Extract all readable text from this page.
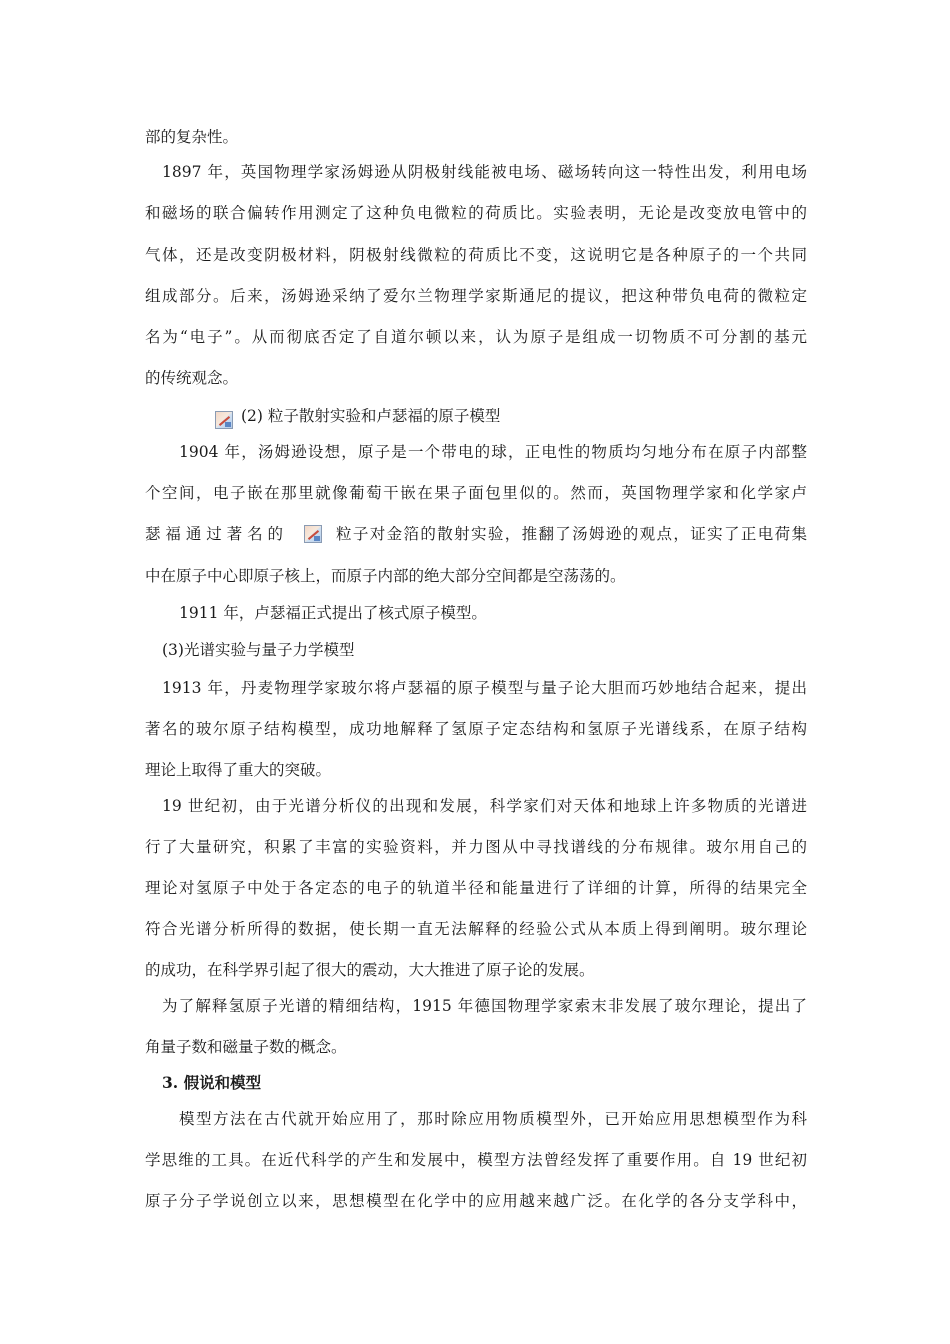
部的复杂性。
1897 年，英国物理学家汤姆逊从阴极射线能被电场、磁场转向这一特性出发，利用电场
和磁场的联合偏转作用测定了这种负电微粒的荷质比。实验表明，无论是改变放电管中的
气体，还是改变阴极材料，阴极射线微粒的荷质比不变，这说明它是各种原子的一个共同
组成部分。后来，汤姆逊采纳了爱尔兰物理学家斯通尼的提议，把这种带负电荷的微粒定
名为“电子”。从而彻底否定了自道尔顿以来，认为原子是组成一切物质不可分割的基元
的传统观念。
(2) 粒子散射实验和卢瑟福的原子模型
1904 年，汤姆逊设想，原子是一个带电的球，正电性的物质均匀地分布在原子内部整
个空间，电子嵌在那里就像葡萄干嵌在果子面包里似的。然而，英国物理学家和化学家卢
瑟 福 通 过 著 名 的	粒子对金箔的散射实验，推翻了汤姆逊的观点，证实了正电荷集
中在原子中心即原子核上，而原子内部的绝大部分空间都是空荡荡的。
1911 年，卢瑟福正式提出了核式原子模型。
(3)光谱实验与量子力学模型
1913 年，丹麦物理学家玻尔将卢瑟福的原子模型与量子论大胆而巧妙地结合起来，提出
著名的玻尔原子结构模型，成功地解释了氢原子定态结构和氢原子光谱线系，在原子结构
理论上取得了重大的突破。
19 世纪初，由于光谱分析仪的出现和发展，科学家们对天体和地球上许多物质的光谱进
行了大量研究，积累了丰富的实验资料，并力图从中寻找谱线的分布规律。玻尔用自己的
理论对氢原子中处于各定态的电子的轨道半径和能量进行了详细的计算，所得的结果完全
符合光谱分析所得的数据，使长期一直无法解释的经验公式从本质上得到阐明。玻尔理论
的成功，在科学界引起了很大的震动，大大推进了原子论的发展。
为了解释氢原子光谱的精细结构，1915 年德国物理学家索末非发展了玻尔理论，提出了
角量子数和磁量子数的概念。
3. 假说和模型
模型方法在古代就开始应用了，那时除应用物质模型外，已开始应用思想模型作为科
学思维的工具。在近代科学的产生和发展中，模型方法曾经发挥了重要作用。自 19 世纪初
原子分子学说创立以来，思想模型在化学中的应用越来越广泛。在化学的各分支学科中，
